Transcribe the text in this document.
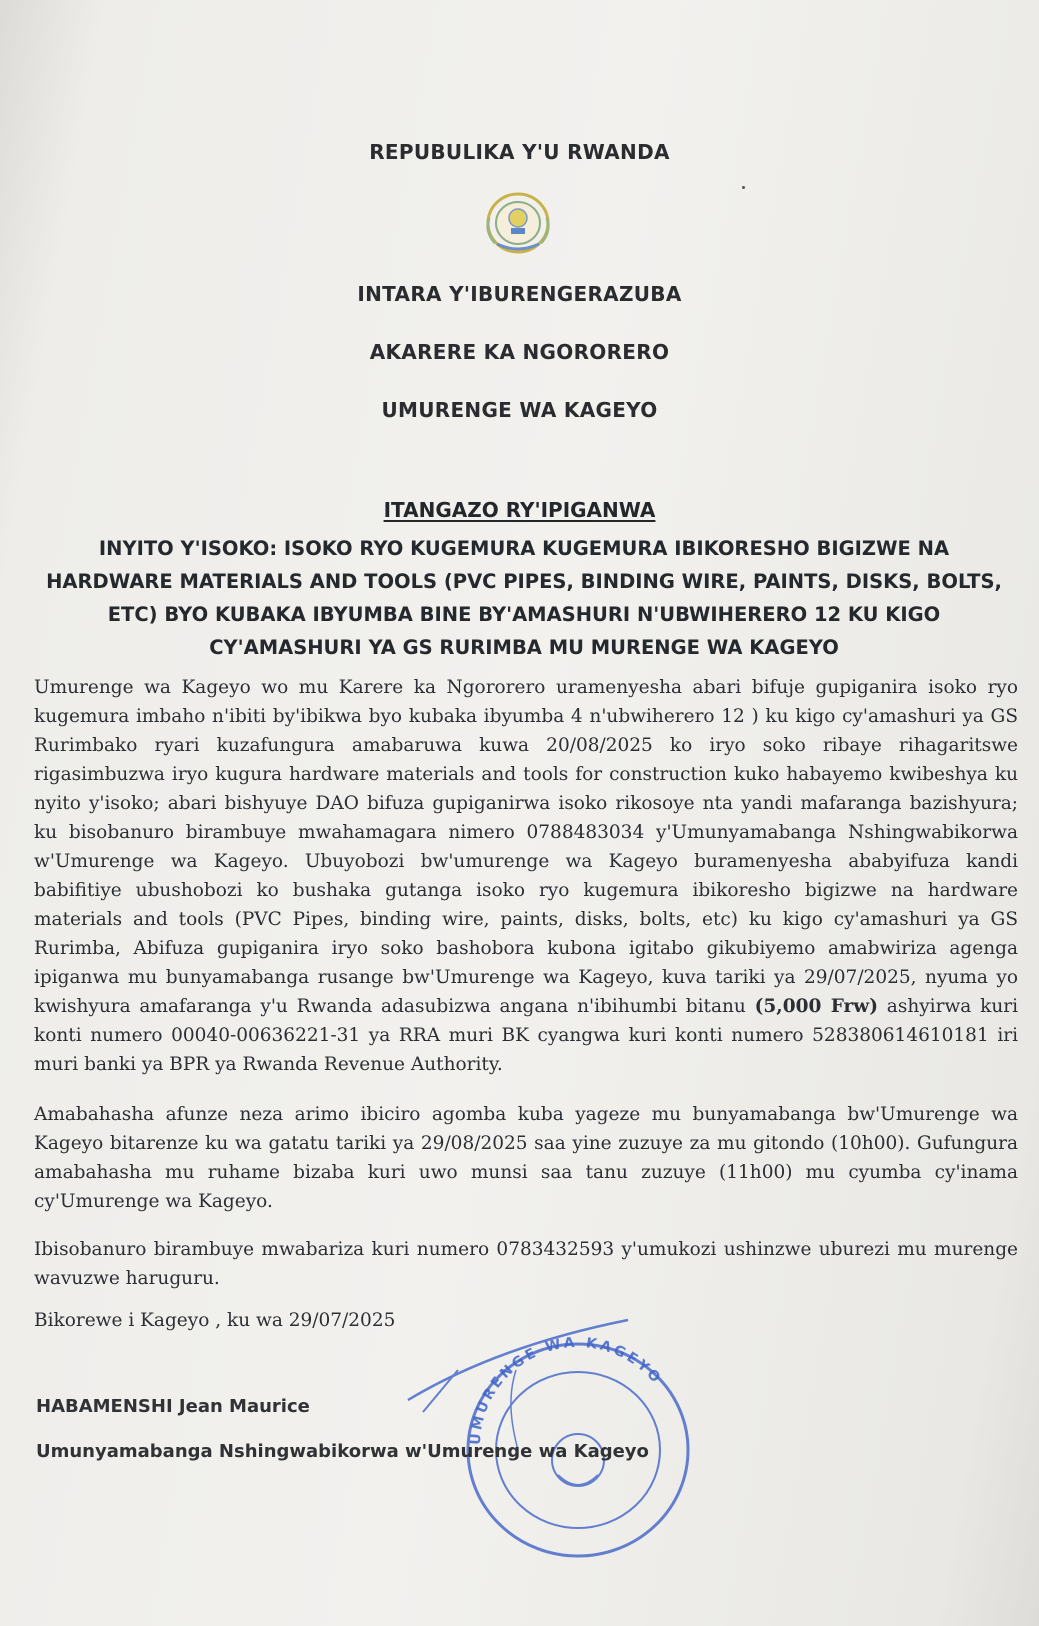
REPUBULIKA Y'U RWANDA
INTARA Y'IBURENGERAZUBA
AKARERE KA NGORORERO
UMURENGE WA KAGEYO
ITANGAZO RY'IPIGANWA
INYITO Y'ISOKO: ISOKO RYO KUGEMURA KUGEMURA IBIKORESHO BIGIZWE NA HARDWARE MATERIALS AND TOOLS (PVC PIPES, BINDING WIRE, PAINTS, DISKS, BOLTS, ETC) BYO KUBAKA IBYUMBA BINE BY'AMASHURI N'UBWIHERERO 12 KU KIGO CY'AMASHURI YA GS RURIMBA MU MURENGE WA KAGEYO
Umurenge wa Kageyo wo mu Karere ka Ngororero uramenyesha abari bifuje gupiganira isoko ryo kugemura imbaho n'ibiti by'ibikwa byo kubaka ibyumba 4 n'ubwiherero 12 ) ku kigo cy'amashuri ya GS Rurimbako ryari kuzafungura amabaruwa kuwa 20/08/2025 ko iryo soko ribaye rihagaritswe rigasimbuzwa iryo kugura hardware materials and tools for construction kuko habayemo kwibeshya ku nyito y'isoko; abari bishyuye DAO bifuza gupiganirwa isoko rikosoye nta yandi mafaranga bazishyura; ku bisobanuro birambuye mwahamagara nimero 0788483034 y'Umunyamabanga Nshingwabikorwa w'Umurenge wa Kageyo. Ubuyobozi bw'umurenge wa Kageyo buramenyesha ababyifuza kandi babifitiye ubushobozi ko bushaka gutanga isoko ryo kugemura ibikoresho bigizwe na hardware materials and tools (PVC Pipes, binding wire, paints, disks, bolts, etc) ku kigo cy'amashuri ya GS Rurimba, Abifuza gupiganira iryo soko bashobora kubona igitabo gikubiyemo amabwiriza agenga ipiganwa mu bunyamabanga rusange bw'Umurenge wa Kageyo, kuva tariki ya 29/07/2025, nyuma yo kwishyura amafaranga y'u Rwanda adasubizwa angana n'ibihumbi bitanu (5,000 Frw) ashyirwa kuri konti numero 00040-00636221-31 ya RRA muri BK cyangwa kuri konti numero 528380614610181 iri muri banki ya BPR ya Rwanda Revenue Authority.
Amabahasha afunze neza arimo ibiciro agomba kuba yageze mu bunyamabanga bw'Umurenge wa Kageyo bitarenze ku wa gatatu tariki ya 29/08/2025 saa yine zuzuye za mu gitondo (10h00). Gufungura amabahasha mu ruhame bizaba kuri uwo munsi saa tanu zuzuye (11h00) mu cyumba cy'inama cy'Umurenge wa Kageyo.
Ibisobanuro birambuye mwabariza kuri numero 0783432593 y'umukozi ushinzwe uburezi mu murenge wavuzwe haruguru.
Bikorewe i Kageyo , ku wa 29/07/2025
UMURENGE WA KAGEYO
HABAMENSHI Jean Maurice
Umunyamabanga Nshingwabikorwa w'Umurenge wa Kageyo
